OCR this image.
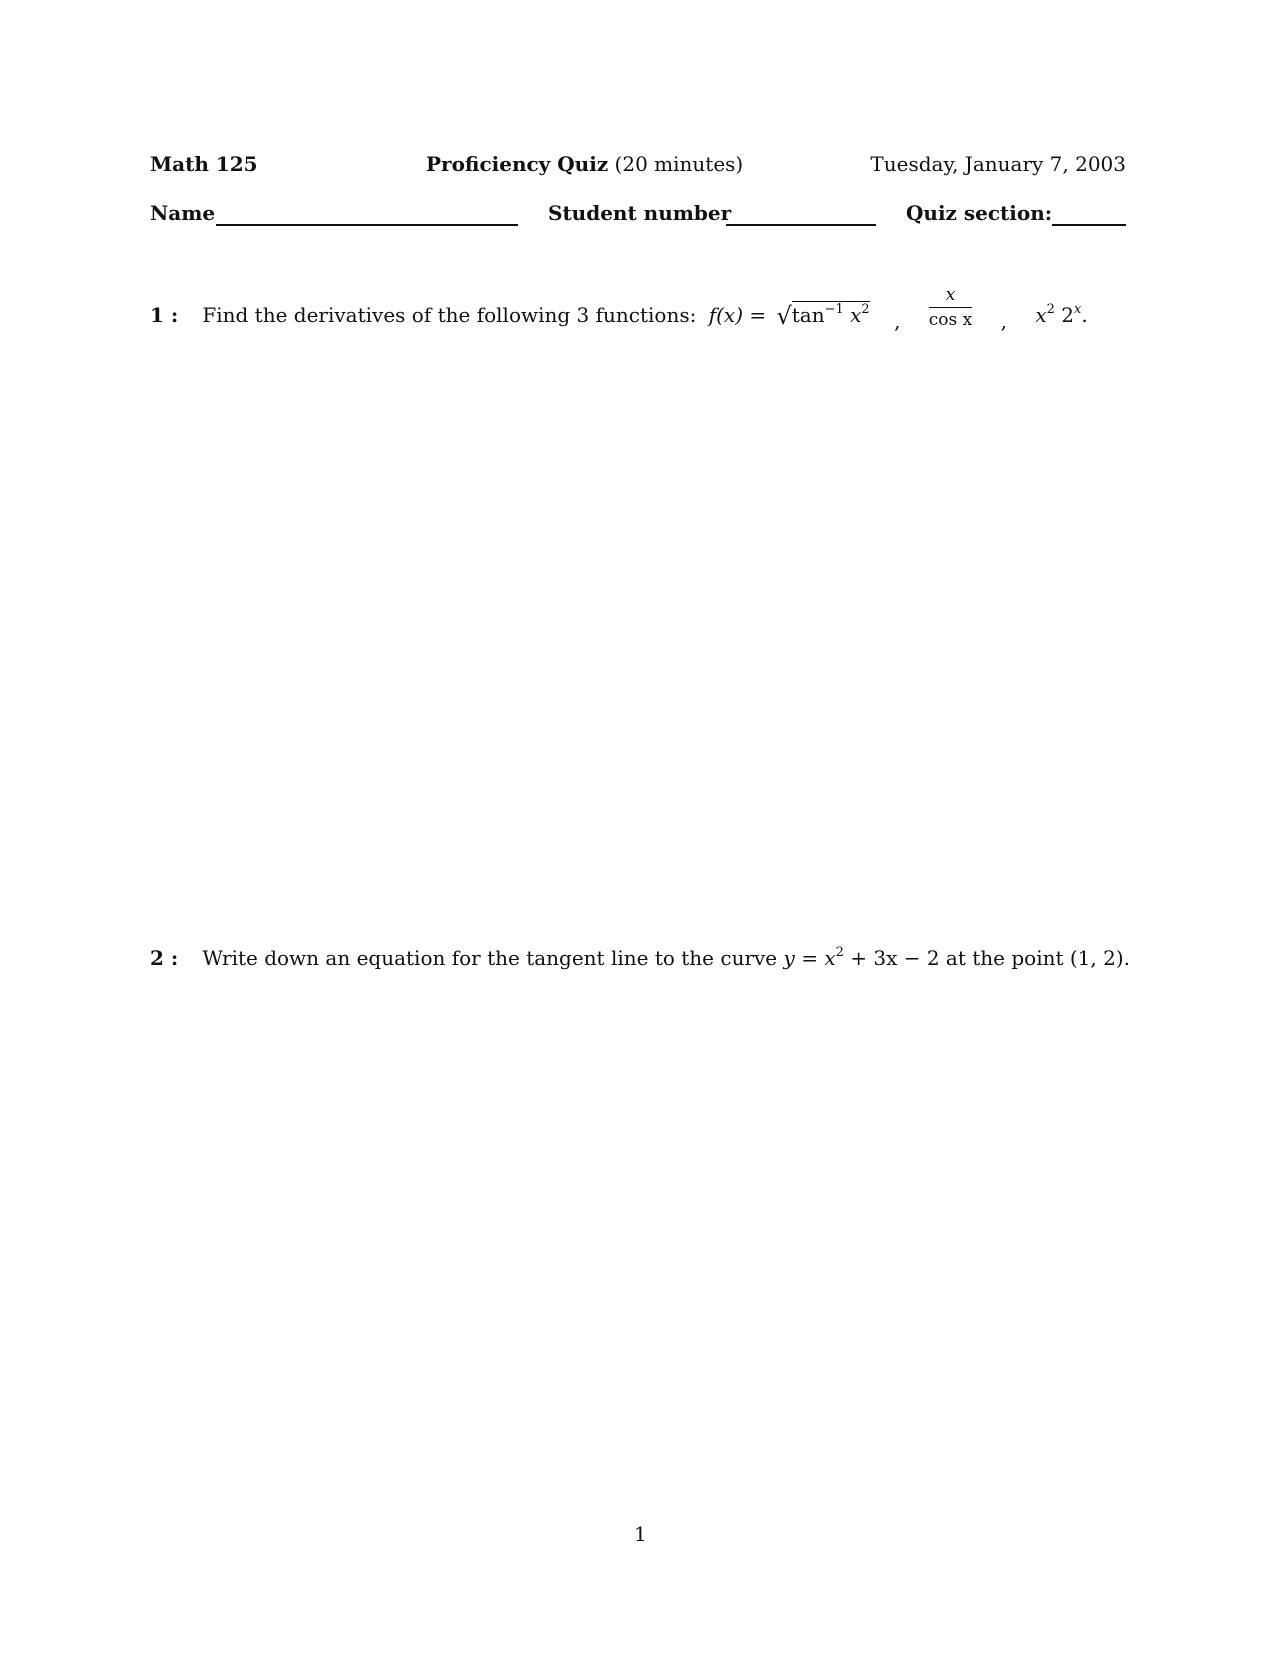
Math 125	Proficiency Quiz (20 minutes)	Tuesday, January 7, 2003
Name	Student number	Quiz section:
1 : Find the derivatives of the following 3 functions: $f(x) = √\tan^{-1}$ $x^2$ , $\frac{x}{\text{cos x}}$ , $x^2$ 2$^x$.
2 : Write down an equation for the tangent line to the curve $y = x^2 + 3x - 2$ at the point (1, 2).
1
